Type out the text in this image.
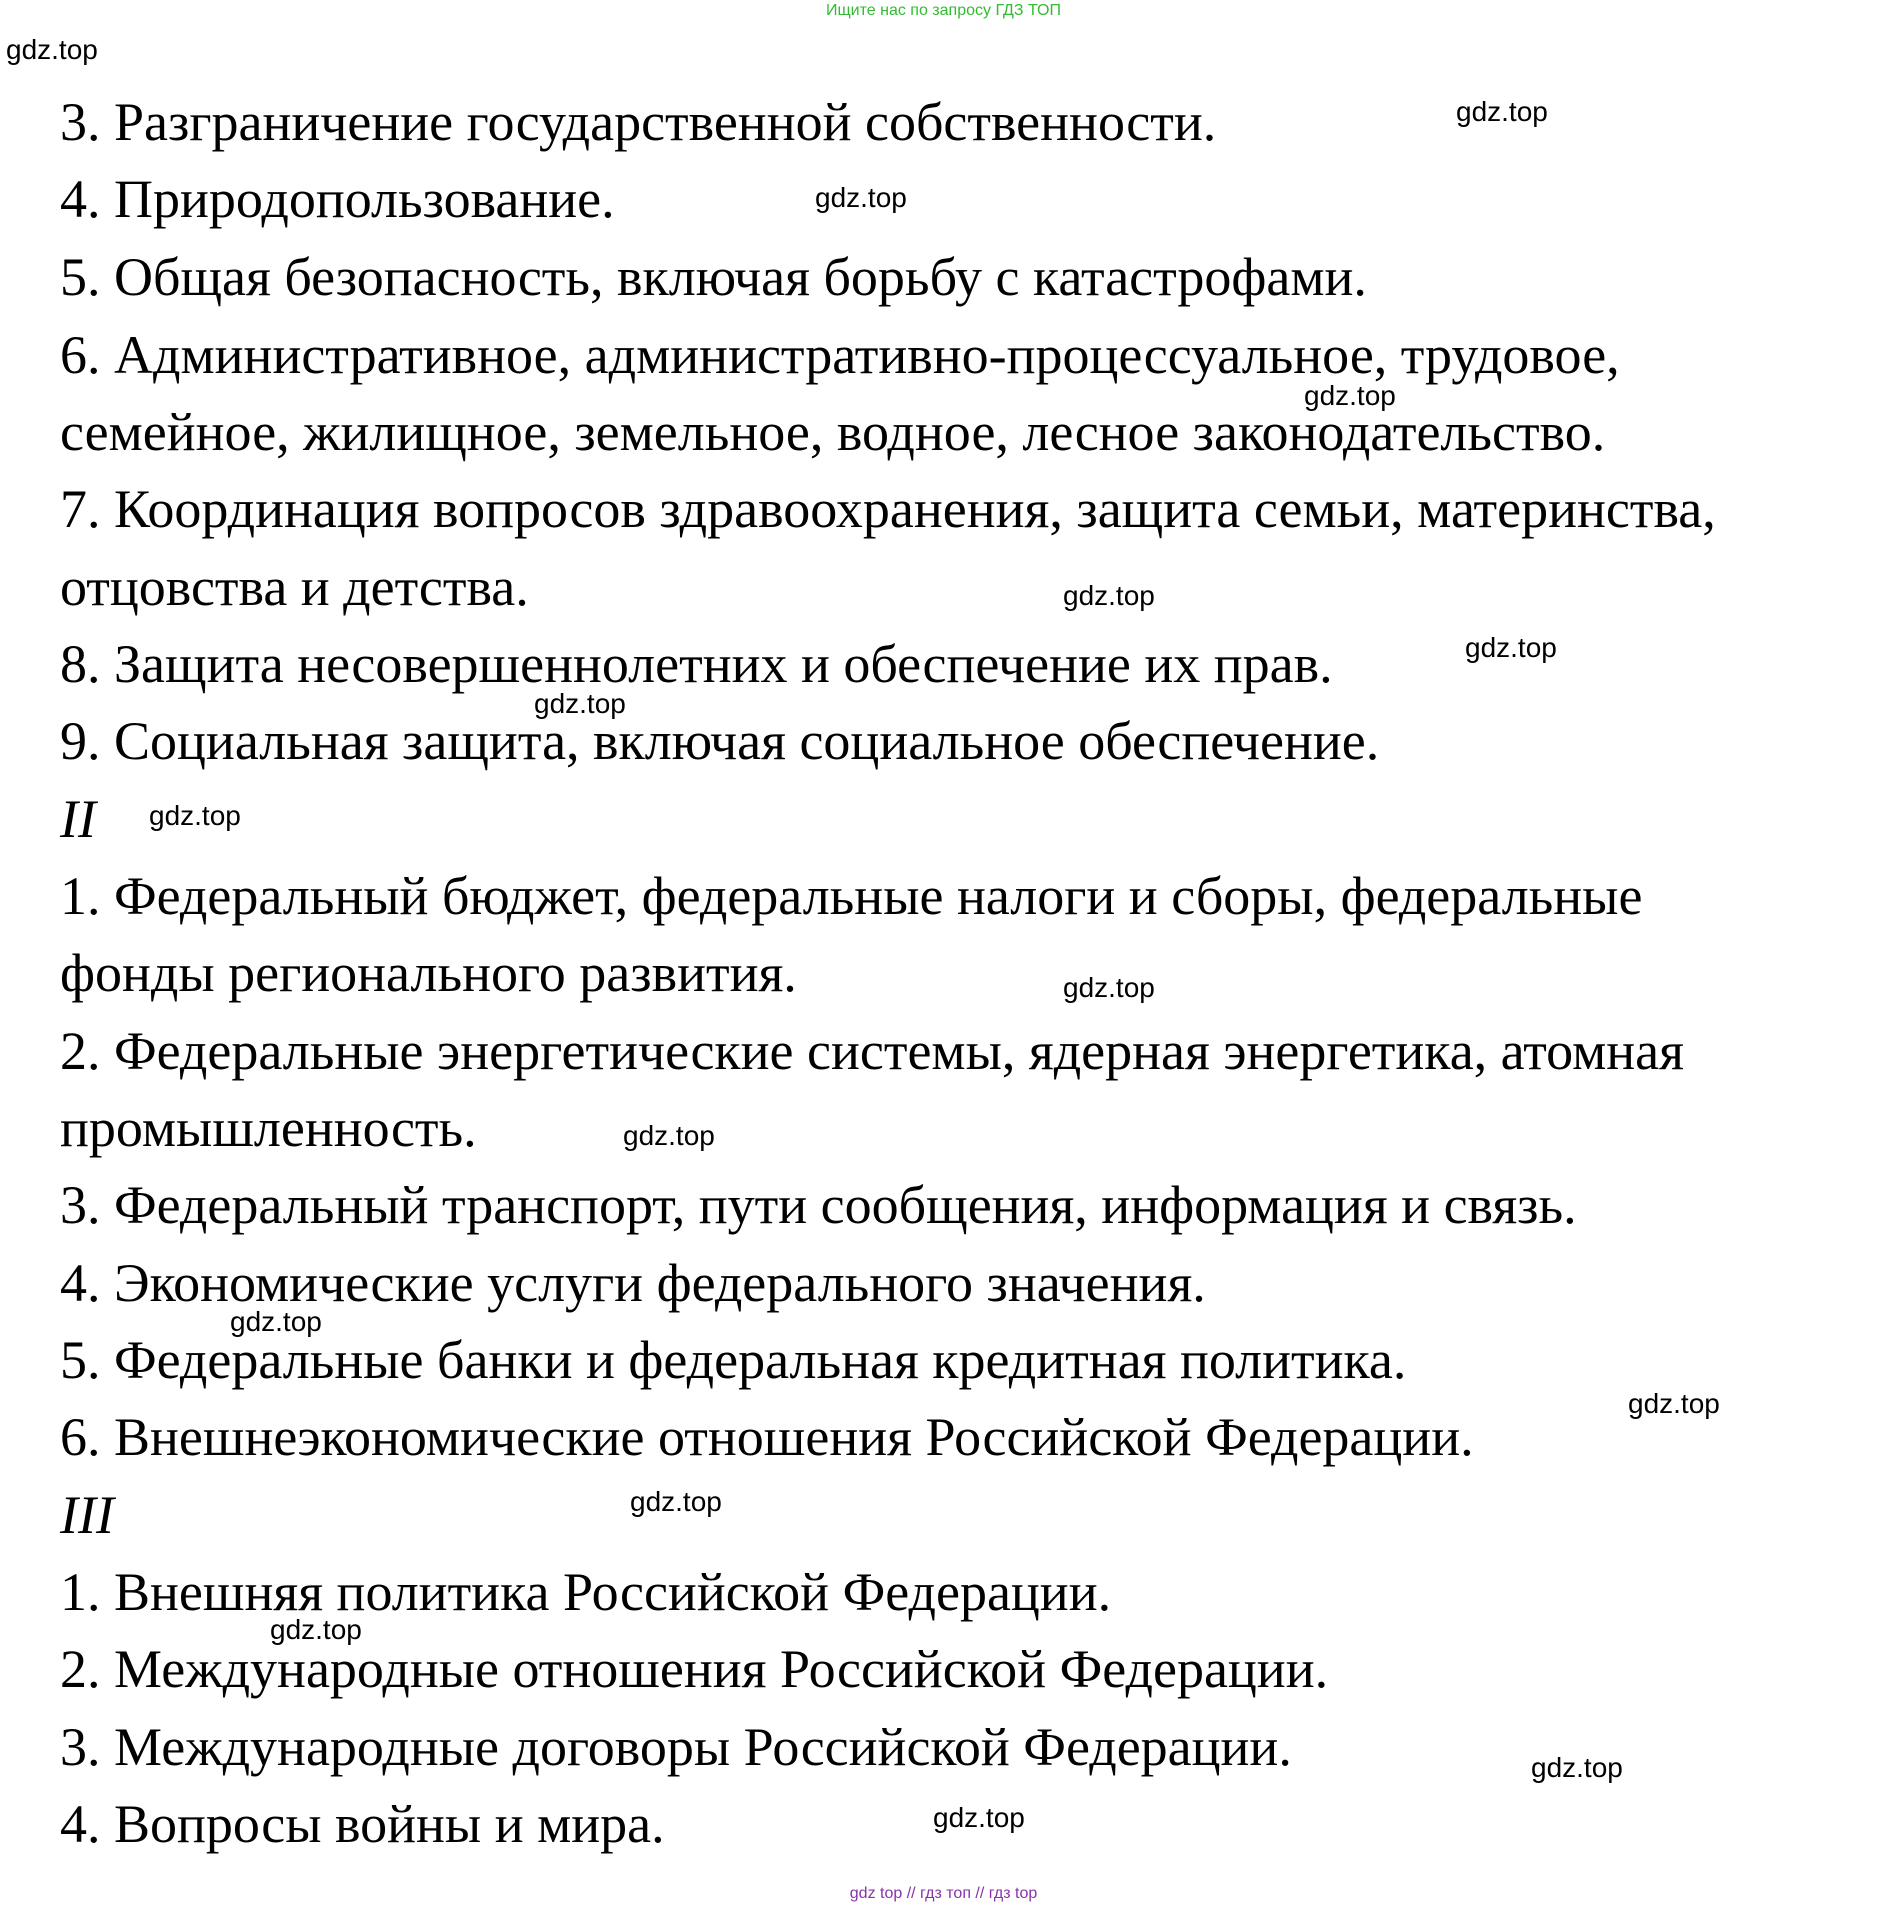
Ищите нас по запросу ГДЗ ТОП
gdz.top
gdz.top
gdz.top
gdz.top
gdz.top
gdz.top
gdz.top
gdz.top
gdz.top
gdz.top
gdz.top
gdz.top
gdz.top
gdz.top
gdz.top
gdz.top
3. Разграничение государственной собственности.
4. Природопользование.
5. Общая безопасность, включая борьбу с катастрофами.
6. Административное, административно-процессуальное, трудовое,
семейное, жилищное, земельное, водное, лесное законодательство.
7. Координация вопросов здравоохранения, защита семьи, материнства,
отцовства и детства.
8. Защита несовершеннолетних и обеспечение их прав.
9. Социальная защита, включая социальное обеспечение.
II
1. Федеральный бюджет, федеральные налоги и сборы, федеральные
фонды регионального развития.
2. Федеральные энергетические системы, ядерная энергетика, атомная
промышленность.
3. Федеральный транспорт, пути сообщения, информация и связь.
4. Экономические услуги федерального значения.
5. Федеральные банки и федеральная кредитная политика.
6. Внешнеэкономические отношения Российской Федерации.
III
1. Внешняя политика Российской Федерации.
2. Международные отношения Российской Федерации.
3. Международные договоры Российской Федерации.
4. Вопросы войны и мира.
gdz top // гдз топ // гдз top
